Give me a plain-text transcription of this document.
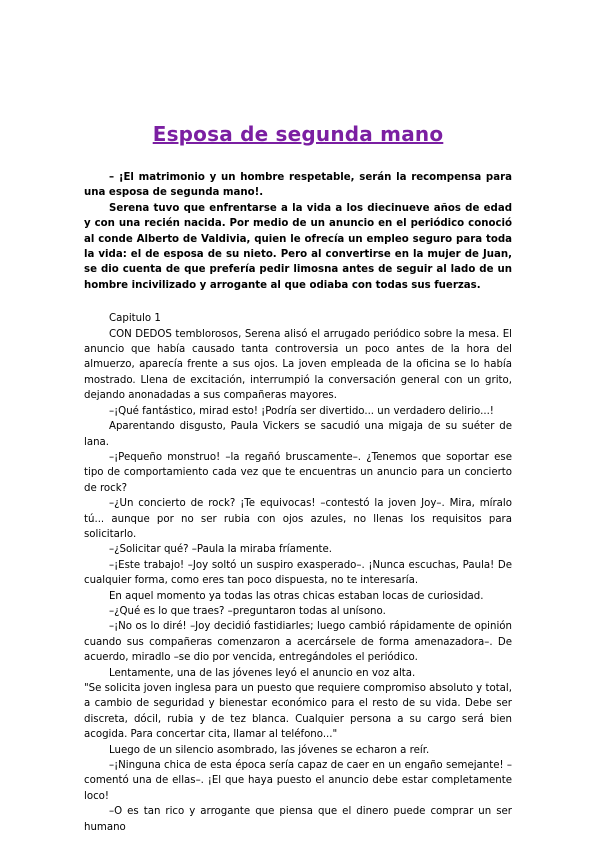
Esposa de segunda mano

– ¡El matrimonio y un hombre respetable, serán la recompensa para una esposa de segunda mano!.

Serena tuvo que enfrentarse a la vida a los diecinueve años de edad y con una recién nacida. Por medio de un anuncio en el periódico conoció al conde Alberto de Valdivia, quien le ofrecía un empleo seguro para toda la vida: el de esposa de su nieto. Pero al convertirse en la mujer de Juan, se dio cuenta de que prefería pedir limosna antes de seguir al lado de un hombre incivilizado y arrogante al que odiaba con todas sus fuerzas.

Capitulo 1

CON DEDOS temblorosos, Serena alisó el arrugado periódico sobre la mesa. El anuncio que había causado tanta controversia un poco antes de la hora del almuerzo, aparecía frente a sus ojos. La joven empleada de la oficina se lo había mostrado. Llena de excitación, interrumpió la conversación general con un grito, dejando anonadadas a sus compañeras mayores.

–¡Qué fantástico, mirad esto! ¡Podría ser divertido... un verdadero delirio...!

Aparentando disgusto, Paula Vickers se sacudió una migaja de su suéter de lana.

–¡Pequeño monstruo! –la regañó bruscamente–. ¿Tenemos que soportar ese tipo de comportamiento cada vez que te encuentras un anuncio para un concierto de rock?

–¿Un concierto de rock? ¡Te equivocas! –contestó la joven Joy–. Mira, míralo tú... aunque por no ser rubia con ojos azules, no llenas los requisitos para solicitarlo.

–¿Solicitar qué? –Paula la miraba fríamente.

–¡Este trabajo! –Joy soltó un suspiro exasperado–. ¡Nunca escuchas, Paula! De cualquier forma, como eres tan poco dispuesta, no te interesaría.

En aquel momento ya todas las otras chicas estaban locas de curiosidad.

–¿Qué es lo que traes? –preguntaron todas al unísono.

–¡No os lo diré! –Joy decidió fastidiarles; luego cambió rápidamente de opinión cuando sus compañeras comenzaron a acercársele de forma amenazadora–. De acuerdo, miradlo –se dio por vencida, entregándoles el periódico.

Lentamente, una de las jóvenes leyó el anuncio en voz alta.

"Se solicita joven inglesa para un puesto que requiere compromiso absoluto y total, a cambio de seguridad y bienestar económico para el resto de su vida. Debe ser discreta, dócil, rubia y de tez blanca. Cualquier persona a su cargo será bien acogida. Para concertar cita, llamar al teléfono..."

Luego de un silencio asombrado, las jóvenes se echaron a reír.

–¡Ninguna chica de esta época sería capaz de caer en un engaño semejante! –comentó una de ellas–. ¡El que haya puesto el anuncio debe estar completamente loco!

–O es tan rico y arrogante que piensa que el dinero puede comprar un ser humano
